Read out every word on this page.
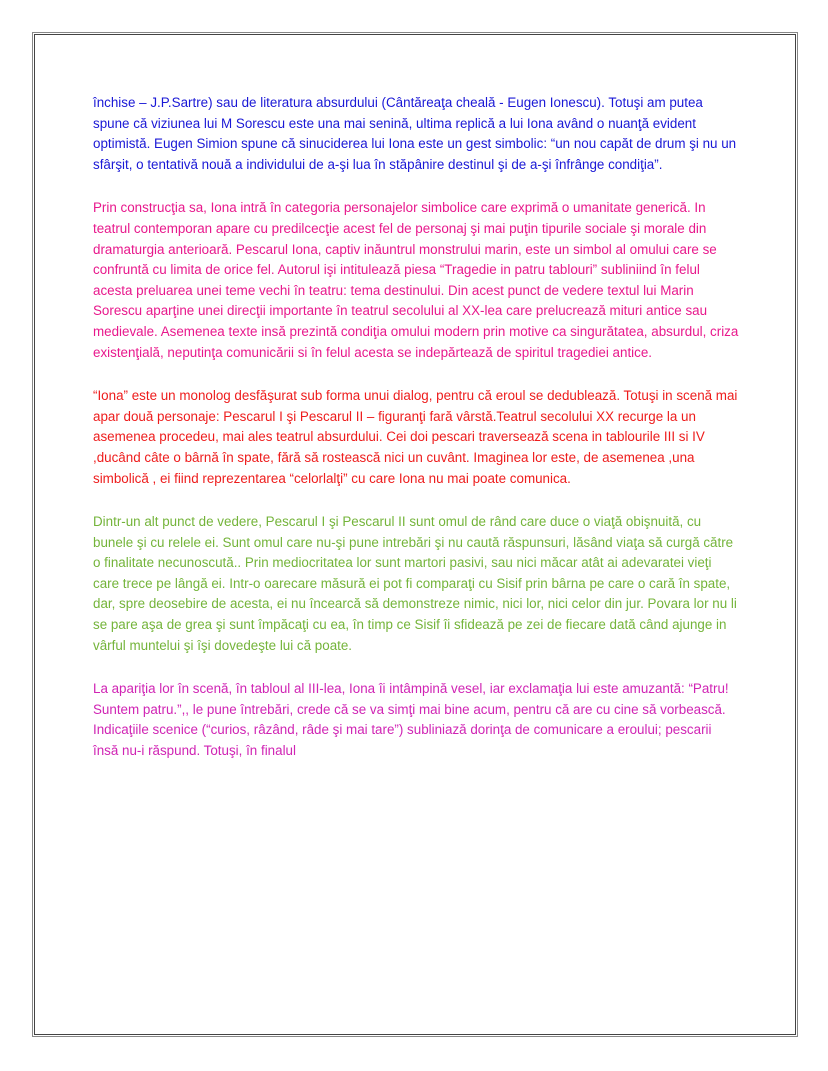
închise – J.P.Sartre) sau de literatura absurdului (Cântăreaţa cheală - Eugen Ionescu). Totuşi am putea spune că viziunea lui M Sorescu este una mai senină, ultima replică a lui Iona având o nuanţă evident optimistă. Eugen Simion spune că sinuciderea lui Iona este un gest simbolic: “un nou capăt de drum şi nu un sfârşit, o tentativă nouă a individului de a-şi lua în stăpânire destinul şi de a-şi înfrânge condiţia”.

Prin construcţia sa, Iona intră în categoria personajelor simbolice care exprimă o umanitate generică. In teatrul contemporan apare cu predilcecţie acest fel de personaj şi mai puţin tipurile sociale şi morale din dramaturgia anterioară. Pescarul Iona, captiv inăuntrul monstrului marin, este un simbol al omului care se confruntă cu limita de orice fel. Autorul işi intitulează piesa “Tragedie in patru tablouri” subliniind în felul acesta preluarea unei teme vechi în teatru: tema destinului. Din acest punct de vedere textul lui Marin Sorescu aparţine unei direcţii importante în teatrul secolului al XX-lea care prelucrează mituri antice sau medievale. Asemenea texte insă prezintă condiţia omului modern prin motive ca singurătatea, absurdul, criza existenţială, neputinţa comunicării si în felul acesta se indepărtează de spiritul tragediei antice.

“Iona” este un monolog desfăşurat sub forma unui dialog, pentru că eroul se dedublează. Totuşi in scenă mai apar două personaje: Pescarul I şi Pescarul II – figuranţi fară vârstă.Teatrul secolului XX recurge la un asemenea procedeu, mai ales teatrul absurdului. Cei doi pescari traversează scena in tablourile III si IV ,ducând câte o bârnă în spate, fără să rostească nici un cuvânt. Imaginea lor este, de asemenea ,una simbolică , ei fiind reprezentarea “celorlalţi” cu care Iona nu mai poate comunica.

Dintr-un alt punct de vedere, Pescarul I şi Pescarul II sunt omul de rând care duce o viaţă obişnuită, cu bunele şi cu relele ei. Sunt omul care nu-şi pune intrebări şi nu caută răspunsuri, lăsând viaţa să curgă către o finalitate necunoscută.. Prin mediocritatea lor sunt martori pasivi, sau nici măcar atât ai adevaratei vieţi care trece pe lângă ei. Intr-o oarecare măsură ei pot fi comparaţi cu Sisif prin bârna pe care o cară în spate, dar, spre deosebire de acesta, ei nu încearcă să demonstreze nimic, nici lor, nici celor din jur. Povara lor nu li se pare aşa de grea şi sunt împăcaţi cu ea, în timp ce Sisif îi sfidează pe zei de fiecare dată când ajunge in vârful muntelui şi îşi dovedeşte lui că poate.

La apariţia lor în scenă, în tabloul al III-lea, Iona îi intâmpină vesel, iar exclamaţia lui este amuzantă: “Patru! Suntem patru.”,, le pune întrebări, crede că se va simţi mai bine acum, pentru că are cu cine să vorbească. Indicaţiile scenice (“curios, râzând, râde şi mai tare”) subliniază dorinţa de comunicare a eroului; pescarii însă nu-i răspund. Totuşi, în finalul
